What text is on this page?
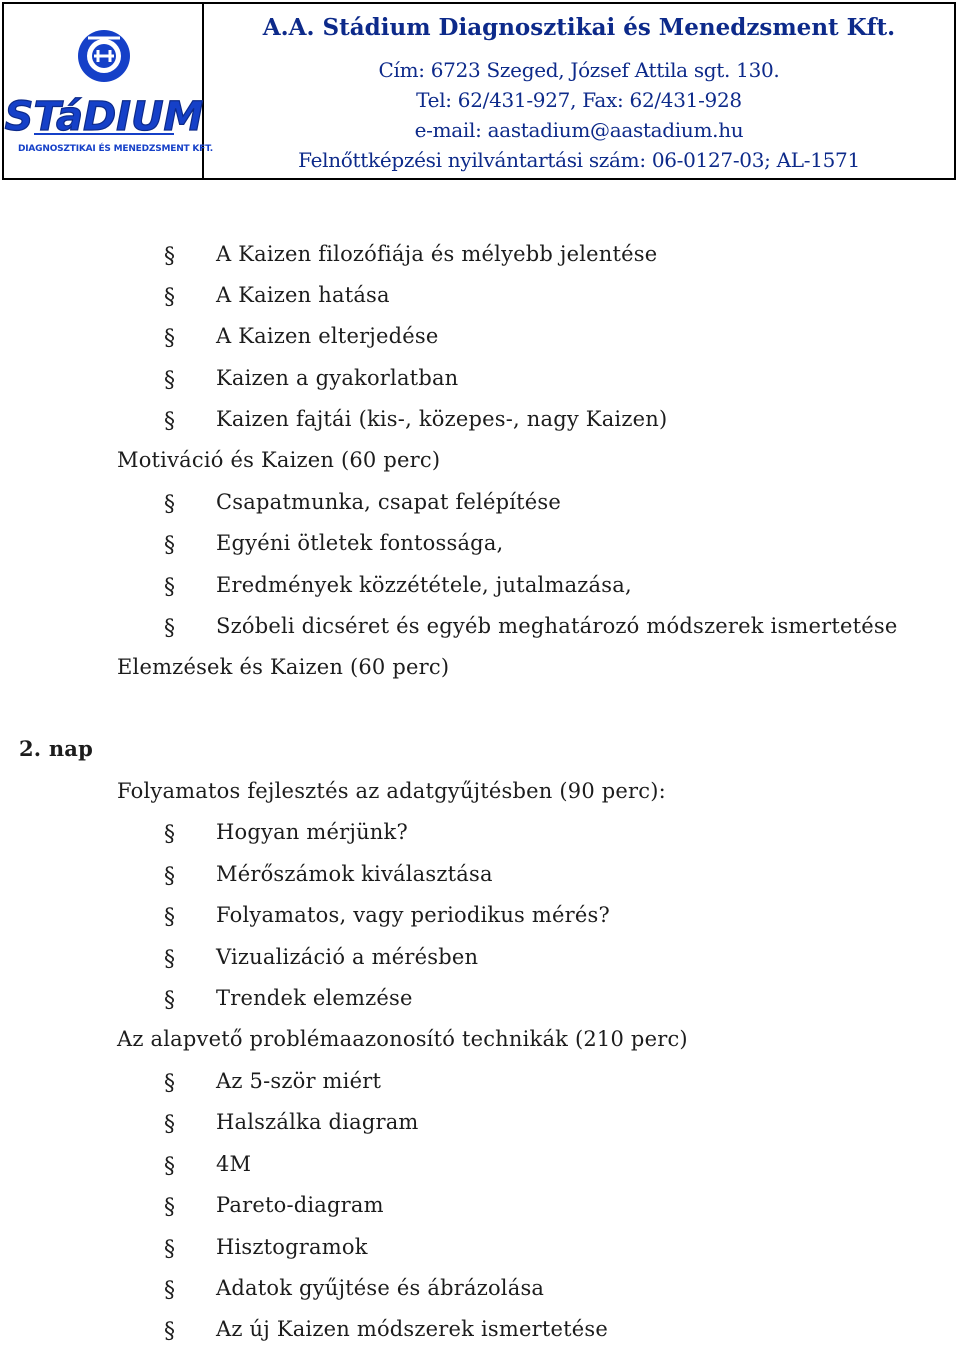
STáDIUM
DIAGNOSZTIKAI ÉS MENEDZSMENT KFT.
A.A. Stádium Diagnosztikai és Menedzsment Kft.
Cím: 6723 Szeged, József Attila sgt. 130.
Tel: 62/431-927, Fax: 62/431-928
e-mail: aastadium@aastadium.hu
Felnőttképzési nyilvántartási szám: 06-0127-03; AL-1571
§ A Kaizen filozófiája és mélyebb jelentése
§ A Kaizen hatása
§ A Kaizen elterjedése
§ Kaizen a gyakorlatban
§ Kaizen fajtái (kis-, közepes-, nagy Kaizen)
Motiváció és Kaizen (60 perc)
§ Csapatmunka, csapat felépítése
§ Egyéni ötletek fontossága,
§ Eredmények közzététele, jutalmazása,
§ Szóbeli dicséret és egyéb meghatározó módszerek ismertetése
Elemzések és Kaizen (60 perc)
2. nap
Folyamatos fejlesztés az adatgyűjtésben (90 perc):
§ Hogyan mérjünk?
§ Mérőszámok kiválasztása
§ Folyamatos, vagy periodikus mérés?
§ Vizualizáció a mérésben
§ Trendek elemzése
Az alapvető problémaazonosító technikák (210 perc)
§ Az 5-ször miért
§ Halszálka diagram
§ 4M
§ Pareto-diagram
§ Hisztogramok
§ Adatok gyűjtése és ábrázolása
§ Az új Kaizen módszerek ismertetése
